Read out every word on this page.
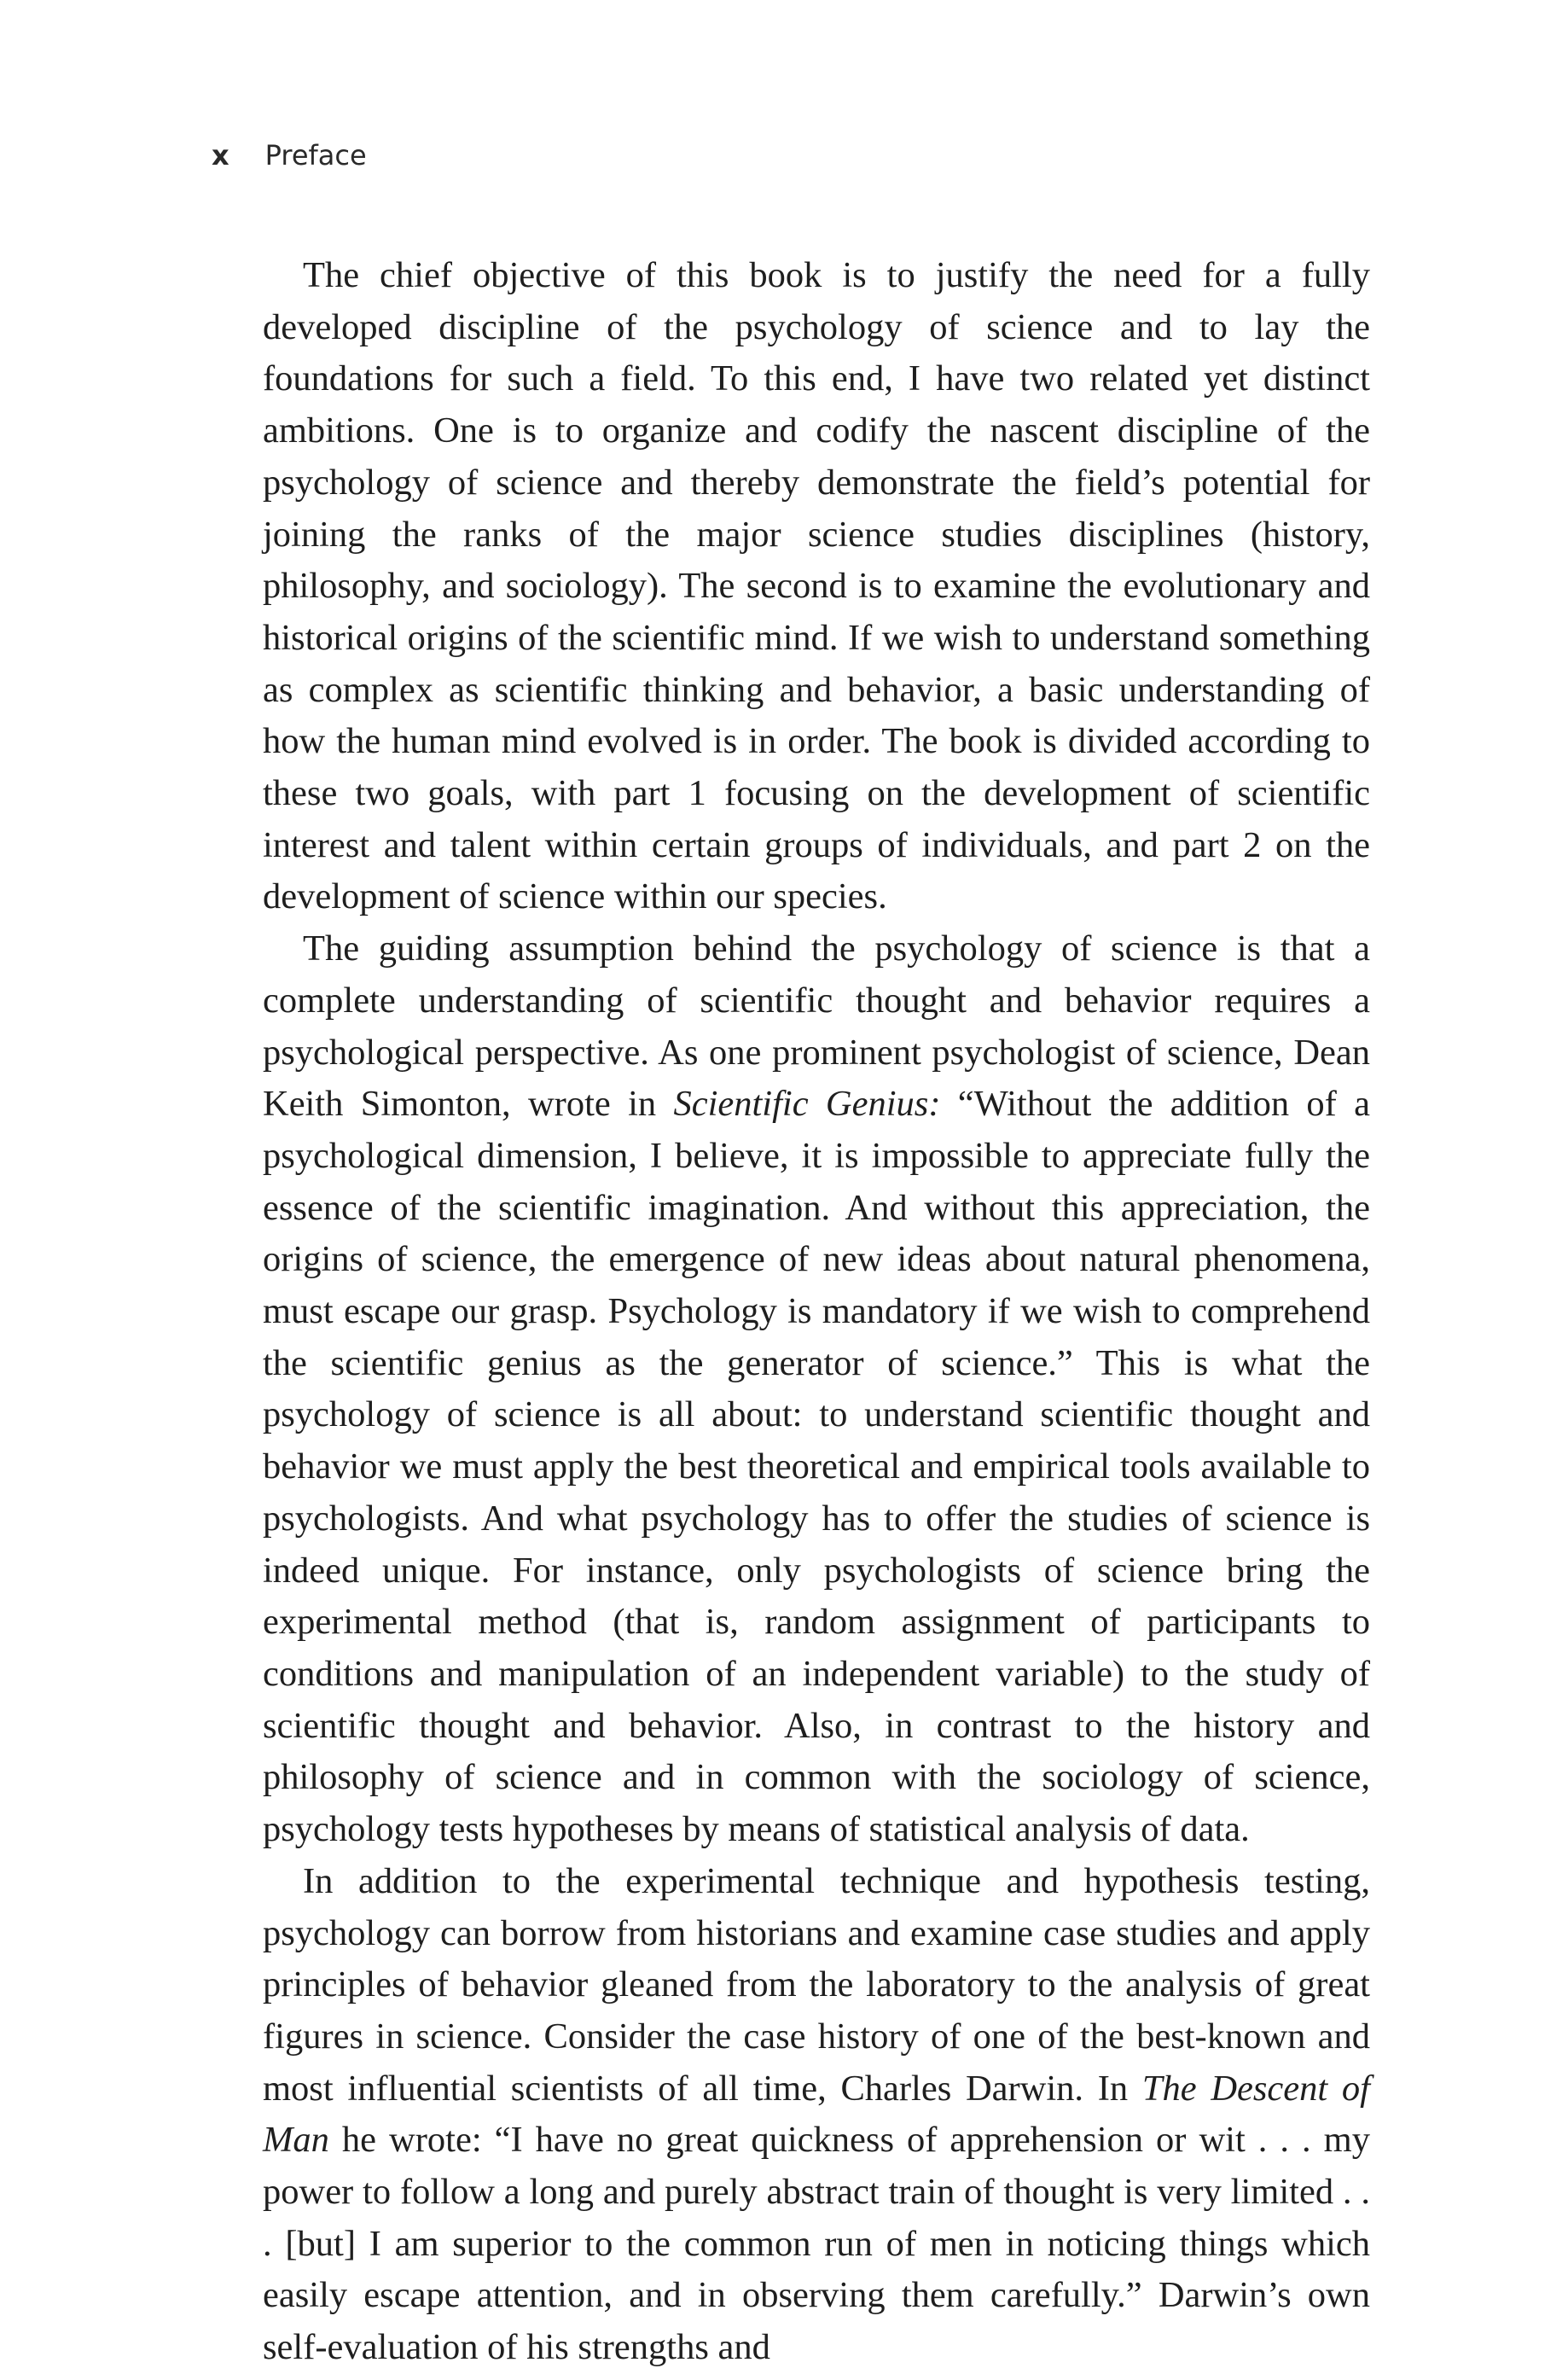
x Preface

The chief objective of this book is to justify the need for a fully developed discipline of the psychology of science and to lay the foundations for such a field. To this end, I have two related yet distinct ambitions. One is to organize and codify the nascent discipline of the psychology of science and thereby demonstrate the field’s potential for joining the ranks of the major science studies disciplines (history, philosophy, and sociology). The second is to examine the evolutionary and historical origins of the scientific mind. If we wish to understand something as complex as scientific thinking and behavior, a basic understanding of how the human mind evolved is in order. The book is divided according to these two goals, with part 1 focusing on the development of scientific interest and talent within certain groups of individuals, and part 2 on the development of science within our species.

The guiding assumption behind the psychology of science is that a complete understanding of scientific thought and behavior requires a psychological perspective. As one prominent psychologist of science, Dean Keith Simonton, wrote in Scientific Genius: “Without the addition of a psychological dimension, I believe, it is impossible to appreciate fully the essence of the scientific imagination. And without this appreciation, the origins of science, the emergence of new ideas about natural phenomena, must escape our grasp. Psychology is mandatory if we wish to comprehend the scientific genius as the generator of science.” This is what the psychology of science is all about: to understand scientific thought and behavior we must apply the best theoretical and empirical tools available to psychologists. And what psychology has to offer the studies of science is indeed unique. For instance, only psychologists of science bring the experimental method (that is, random assignment of participants to conditions and manipulation of an independent variable) to the study of scientific thought and behavior. Also, in contrast to the history and philosophy of science and in common with the sociology of science, psychology tests hypotheses by means of statistical analysis of data.

In addition to the experimental technique and hypothesis testing, psychology can borrow from historians and examine case studies and apply principles of behavior gleaned from the laboratory to the analysis of great figures in science. Consider the case history of one of the best-known and most influential scientists of all time, Charles Darwin. In The Descent of Man he wrote: “I have no great quickness of apprehension or wit . . . my power to follow a long and purely abstract train of thought is very limited . . . [but] I am superior to the common run of men in noticing things which easily escape attention, and in observing them carefully.” Darwin’s own self-evaluation of his strengths and
